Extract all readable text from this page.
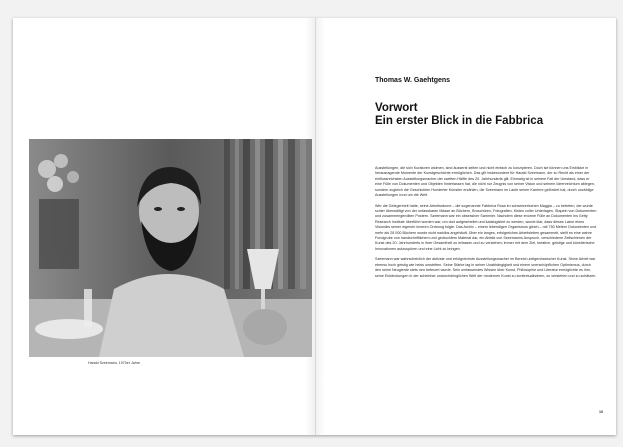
Harald Szeemann, 1970er Jahre
Thomas W. Gaehtgens
Vorwort
Ein erster Blick in die Fabbrica

Ausstellungen, die sich Kuratoren widmen, sind äusserst selten und nicht einfach zu konzipieren. Doch sie können uns Einblicke in herausragende Momente der Kunstgeschichte ermöglichen. Das gilt insbesondere für Harald Szeemann, der zu Recht als einer der einflussreichsten Ausstellungsmacher der zweiten Hälfte des 20. Jahrhunderts gilt. Einmalig ist in seinem Fall der Umstand, dass er eine Fülle von Dokumenten und Objekten hinterlassen hat, die nicht nur Zeugnis von seiner Vision und seinem Ideenreichtum ablegen, sondern zugleich die Geschichten Hunderter Künstler erzählen, die Szeemann im Laufe seiner Karriere gefördert hat, durch unzählige Ausstellungen rund um die Welt.

Wer die Gelegenheit hatte, seine Arbeitsräume – die sogenannte Fabbrica Rosa im schweizerischen Maggia – zu betreten, der wurde schier überwältigt von der unfassbaren Masse an Büchern, Broschüren, Fotografien, Kisten voller Unterlagen, Stapeln von Dokumenten und zusammengerollten Postern. Szeemann war ein obsessiver Sammler. Nachdem diese enorme Fülle an Dokumenten ins Getty Research Institute überführt worden war, um dort aufgearbeitet und katalogisiert zu werden, wurde klar, dass dieses Labor eines Visionärs seiner eigenen inneren Ordnung folgte. Das Archiv – einem lebendigen Organismus gleich – mit 750 Metern Dokumenten und mehr als 28 000 Büchern wurde nicht wahllos angehäuft. Über ein langes, erfolgreiches Arbeitsleben gesammelt, stellt es eine wahre Fundgrube von handschriftlichem und gedrucktem Material dar, ein Abbild von Szeemanns Anspruch, verschiedene Zeitschienen der Kunst des 20. Jahrhunderts in ihrer Gesamtheit zu erfassen und zu verstehen; immer mit dem Ziel, kreative, geistige und künstlerische Innovationen aufzuspüren und eine Licht zu bringen.

Szeemann war wahrscheinlich der aktivste und erfolgreichste Ausstellungsmacher im Bereich zeitgenössischer Kunst. Seine Arbeit war ebenso hoch geistig wie heiss umstritten. Seine Stärke lag in seiner Unabhängigkeit und einem unerschöpflichen Optimismus, durch den seine Neugierde stets neu befeuert wurde. Sein umfassendes Wissen über Kunst, Philosophie und Literatur ermöglichte es ihm, seine Entdeckungen in der scheinbar undurchdringlichen Welt der modernen Kunst zu kontextualisieren, zu verstehen und zu schätzen.

10
